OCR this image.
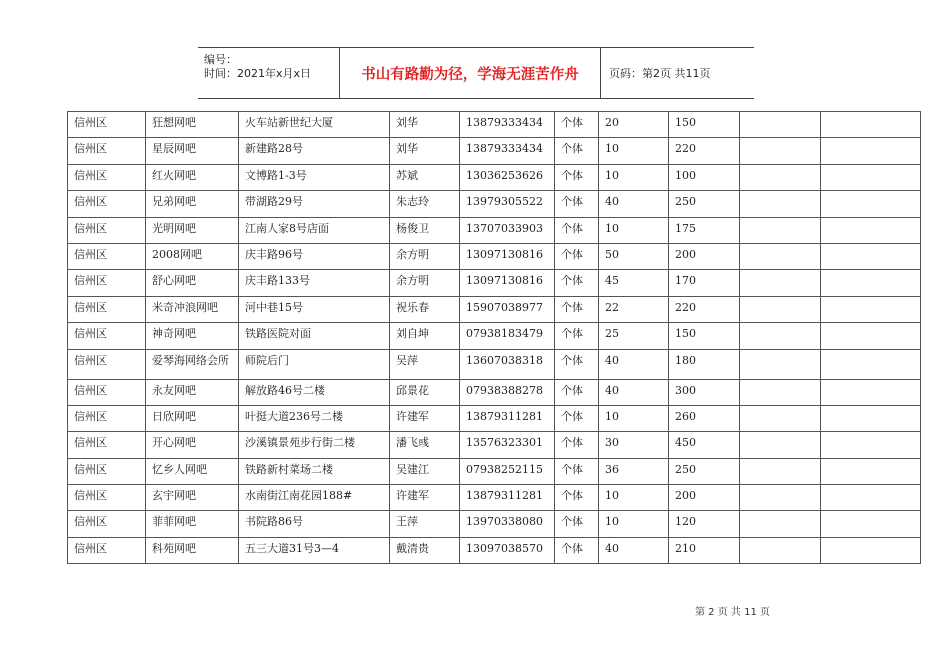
编号：
时间：2021年x月x日	书山有路勤为径，学海无涯苦作舟	页码：第2页 共11页
信州区	狂想网吧	火车站新世纪大厦	刘华	13879333434	个体	20	150		
信州区	星辰网吧	新建路28号	刘华	13879333434	个体	10	220		
信州区	红火网吧	文博路1-3号	苏斌	13036253626	个体	10	100		
信州区	兄弟网吧	带湖路29号	朱志玲	13979305522	个体	40	250		
信州区	光明网吧	江南人家8号店面	杨俊卫	13707033903	个体	10	175		
信州区	2008网吧	庆丰路96号	余方明	13097130816	个体	50	200		
信州区	舒心网吧	庆丰路133号	余方明	13097130816	个体	45	170		
信州区	米奇冲浪网吧	河中巷15号	祝乐春	15907038977	个体	22	220		
信州区	神奇网吧	铁路医院对面	刘自坤	07938183479	个体	25	150		
信州区	爱琴海网络会所	师院后门	吴萍	13607038318	个体	40	180		
信州区	永友网吧	解放路46号二楼	邱景花	07938388278	个体	40	300		
信州区	日欣网吧	叶挺大道236号二楼	许建军	13879311281	个体	10	260		
信州区	开心网吧	沙溪镇景苑步行街二楼	潘飞彧	13576323301	个体	30	450		
信州区	忆乡人网吧	铁路新村菜场二楼	吴建江	07938252115	个体	36	250		
信州区	玄宇网吧	水南街江南花园188#	许建军	13879311281	个体	10	200		
信州区	菲菲网吧	书院路86号	王萍	13970338080	个体	10	120		
信州区	科苑网吧	五三大道31号3—4	戴清贵	13097038570	个体	40	210		
第 2 页 共 11 页
